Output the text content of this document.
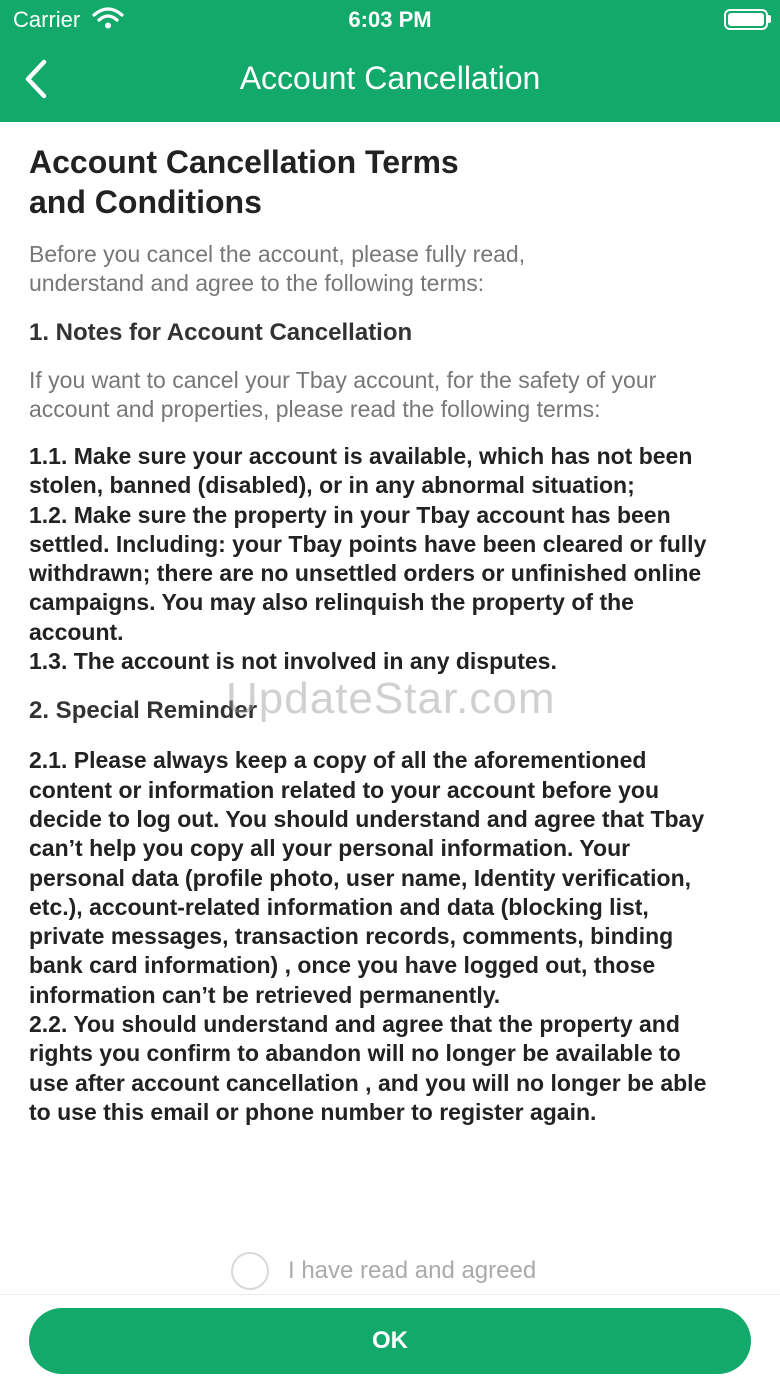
Carrier	6:03 PM
Account Cancellation
Account Cancellation Terms and Conditions
Before you cancel the account, please fully read, understand and agree to the following terms:
1. Notes for Account Cancellation
If you want to cancel your Tbay account, for the safety of your account and properties, please read the following terms:
1.1. Make sure your account is available, which has not been stolen, banned (disabled), or in any abnormal situation;
1.2. Make sure the property in your Tbay account has been settled. Including: your Tbay points have been cleared or fully withdrawn; there are no unsettled orders or unfinished online campaigns. You may also relinquish the property of the account.
1.3. The account is not involved in any disputes.
2. Special Reminder
2.1. Please always keep a copy of all the aforementioned content or information related to your account before you decide to log out. You should understand and agree that Tbay can’t help you copy all your personal information. Your personal data (profile photo, user name, Identity verification, etc.), account-related information and data (blocking list, private messages, transaction records, comments, binding bank card information) , once you have logged out, those information can’t be retrieved permanently.
2.2. You should understand and agree that the property and rights you confirm to abandon will no longer be available to use after account cancellation , and you will no longer be able to use this email or phone number to register again.
UpdateStar.com
I have read and agreed
OK
